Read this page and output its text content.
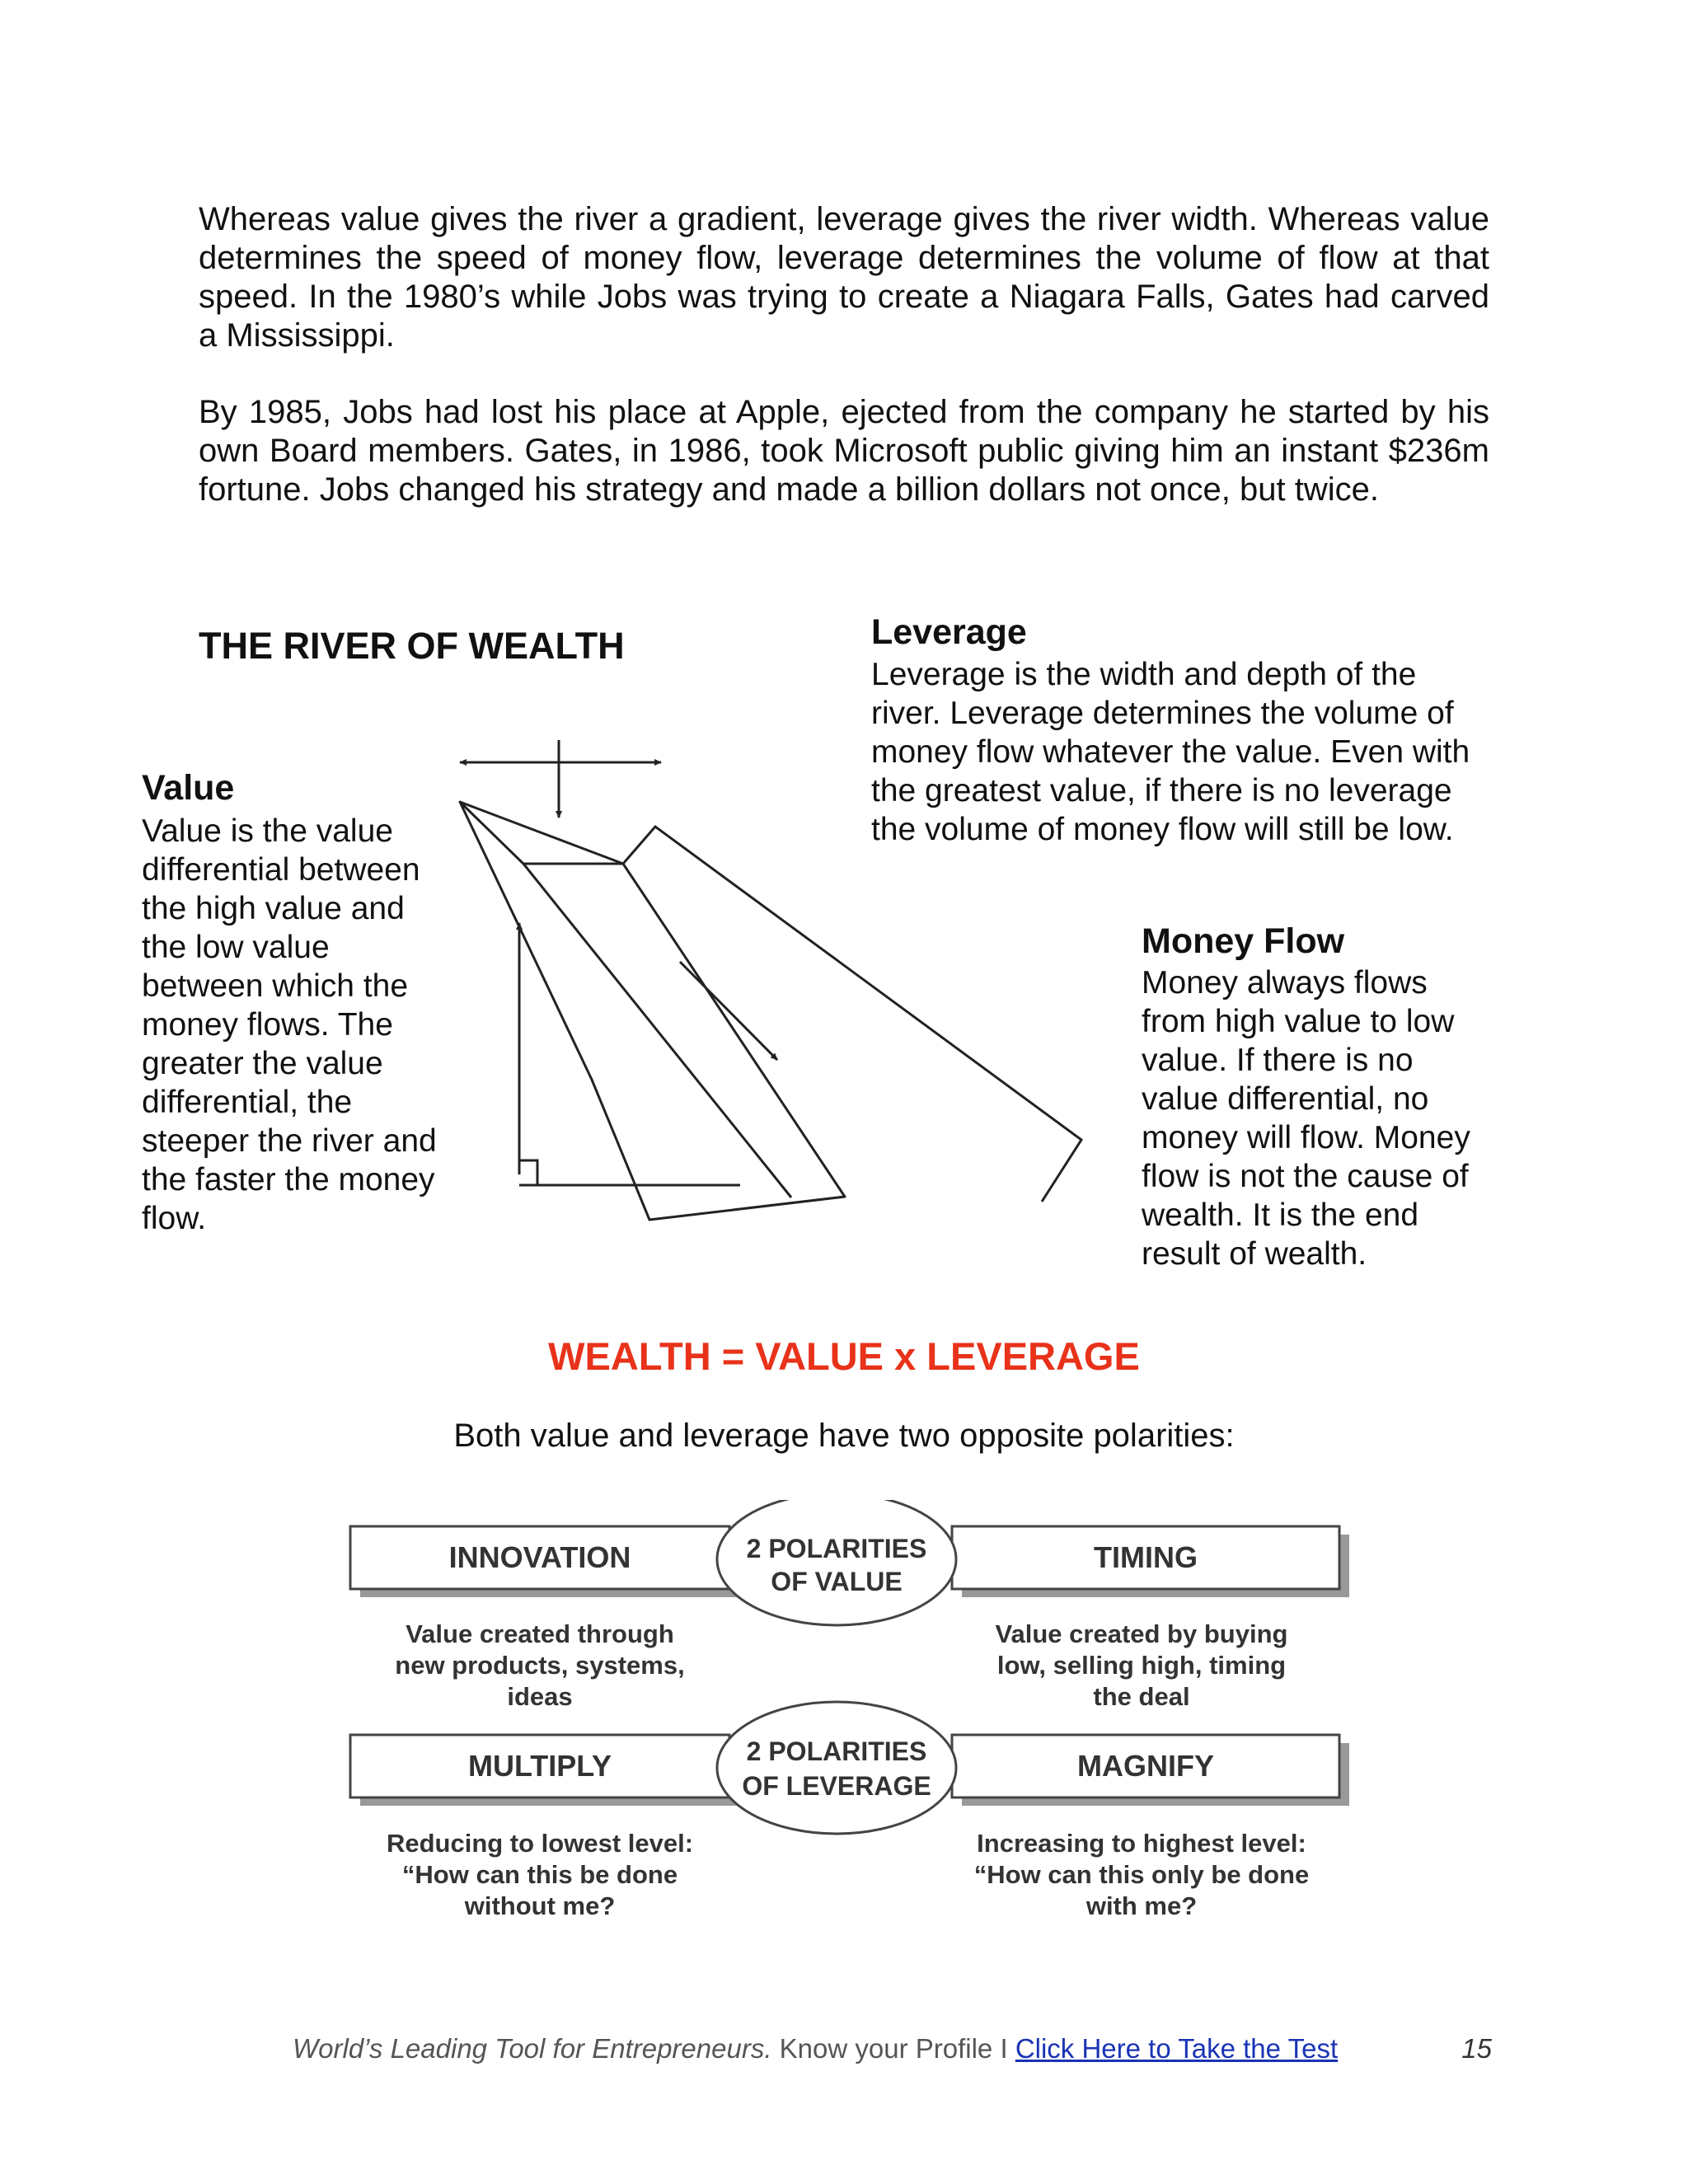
Whereas value gives the river a gradient, leverage gives the river width. Whereas value determines the speed of money flow, leverage determines the volume of flow at that speed. In the 1980’s while Jobs was trying to create a Niagara Falls, Gates had carved a Mississippi.

By 1985, Jobs had lost his place at Apple, ejected from the company he started by his own Board members. Gates, in 1986, took Microsoft public giving him an instant $236m fortune. Jobs changed his strategy and made a billion dollars not once, but twice.

THE RIVER OF WEALTH
Value

Value is the value differential between the high value and the low value between which the money flows. The greater the value differential, the steeper the river and the faster the money flow.

Leverage

Leverage is the width and depth of the river. Leverage determines the volume of money flow whatever the value. Even with the greatest value, if there is no leverage the volume of money flow will still be low.

Money Flow

Money always flows from high value to low value. If there is no value differential, no money will flow. Money flow is not the cause of wealth. It is the end result of wealth.

WEALTH = VALUE x LEVERAGE

Both value and leverage have two opposite polarities:

INNOVATION	TIMING
2 POLARITIES
OF VALUE
Value created through
new products, systems,
ideas
Value created by buying
low, selling high, timing
the deal
MULTIPLY	MAGNIFY
2 POLARITIES
OF LEVERAGE
Reducing to lowest level:
“How can this be done
without me?
Increasing to highest level:
“How can this only be done
with me?

World’s Leading Tool for Entrepreneurs. Know your Profile I Click Here to Take the Test	15
